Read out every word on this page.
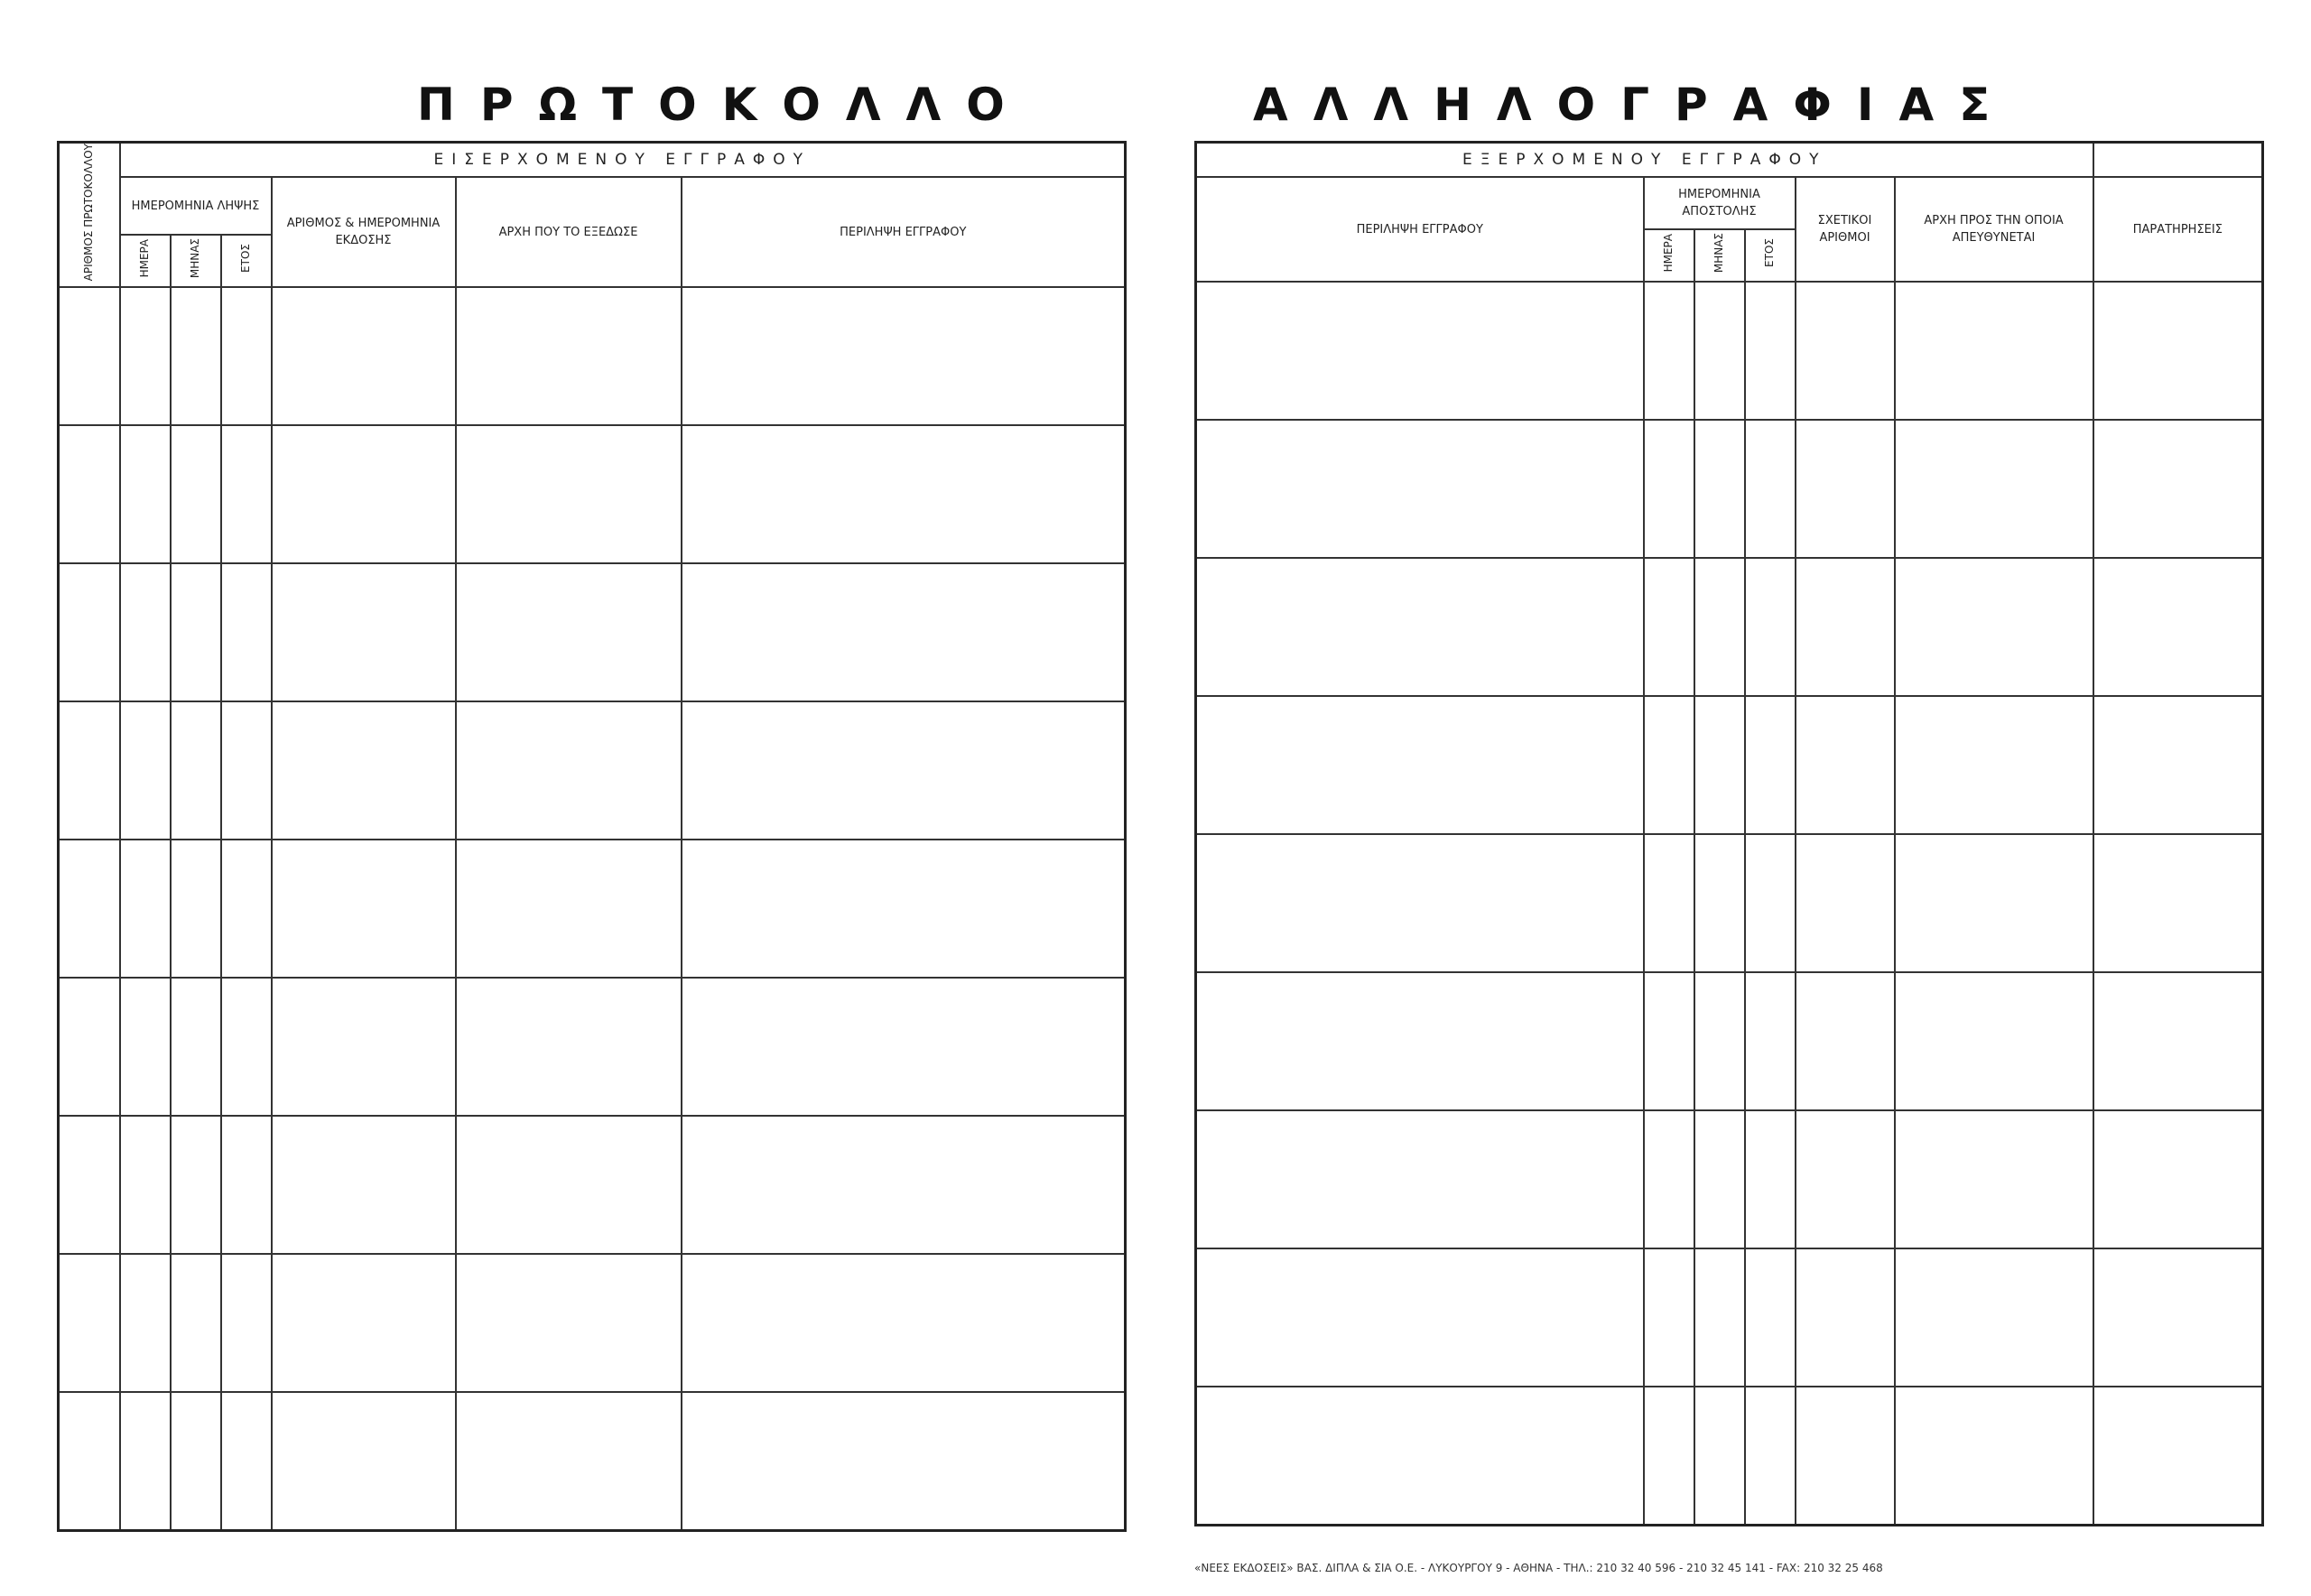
ΠΡΩΤΟΚΟΛΛΟ	ΑΛΛΗΛΟΓΡΑΦΙΑΣ
ΑΡΙΘΜΟΣ ΠΡΩΤΟΚΟΛΛΟΥ	ΕΙΣΕΡΧΟΜΕΝΟΥ ΕΓΓΡΑΦΟΥ					
	ΗΜΕΡΟΜΗΝΙΑ ΛΗΨΗΣ			ΑΡΙΘΜΟΣ & ΗΜΕΡΟΜΗΝΙΑ ΕΚΔΟΣΗΣ	ΑΡΧΗ ΠΟΥ ΤΟ ΕΞΕΔΩΣΕ	ΠΕΡΙΛΗΨΗ ΕΓΓΡΑΦΟΥ
	ΗΜΕΡΑ	ΜΗΝΑΣ	ΕΤΟΣ			

ΕΞΕΡΧΟΜΕΝΟΥ ΕΓΓΡΑΦΟΥ						
ΠΕΡΙΛΗΨΗ ΕΓΓΡΑΦΟΥ	ΗΜΕΡΟΜΗΝΙΑ ΑΠΟΣΤΟΛΗΣ			ΣΧΕΤΙΚΟΙ ΑΡΙΘΜΟΙ	ΑΡΧΗ ΠΡΟΣ ΤΗΝ ΟΠΟΙΑ ΑΠΕΥΘΥΝΕΤΑΙ	ΠΑΡΑΤΗΡΗΣΕΙΣ
	ΗΜΕΡΑ	ΜΗΝΑΣ	ΕΤΟΣ			

«ΝΕΕΣ ΕΚΔΟΣΕΙΣ» ΒΑΣ. ΔΙΠΛΑ & ΣΙΑ Ο.Ε. - ΛΥΚΟΥΡΓΟΥ 9 - ΑΘΗΝΑ - ΤΗΛ.: 210 32 40 596 - 210 32 45 141 - FAX: 210 32 25 468
